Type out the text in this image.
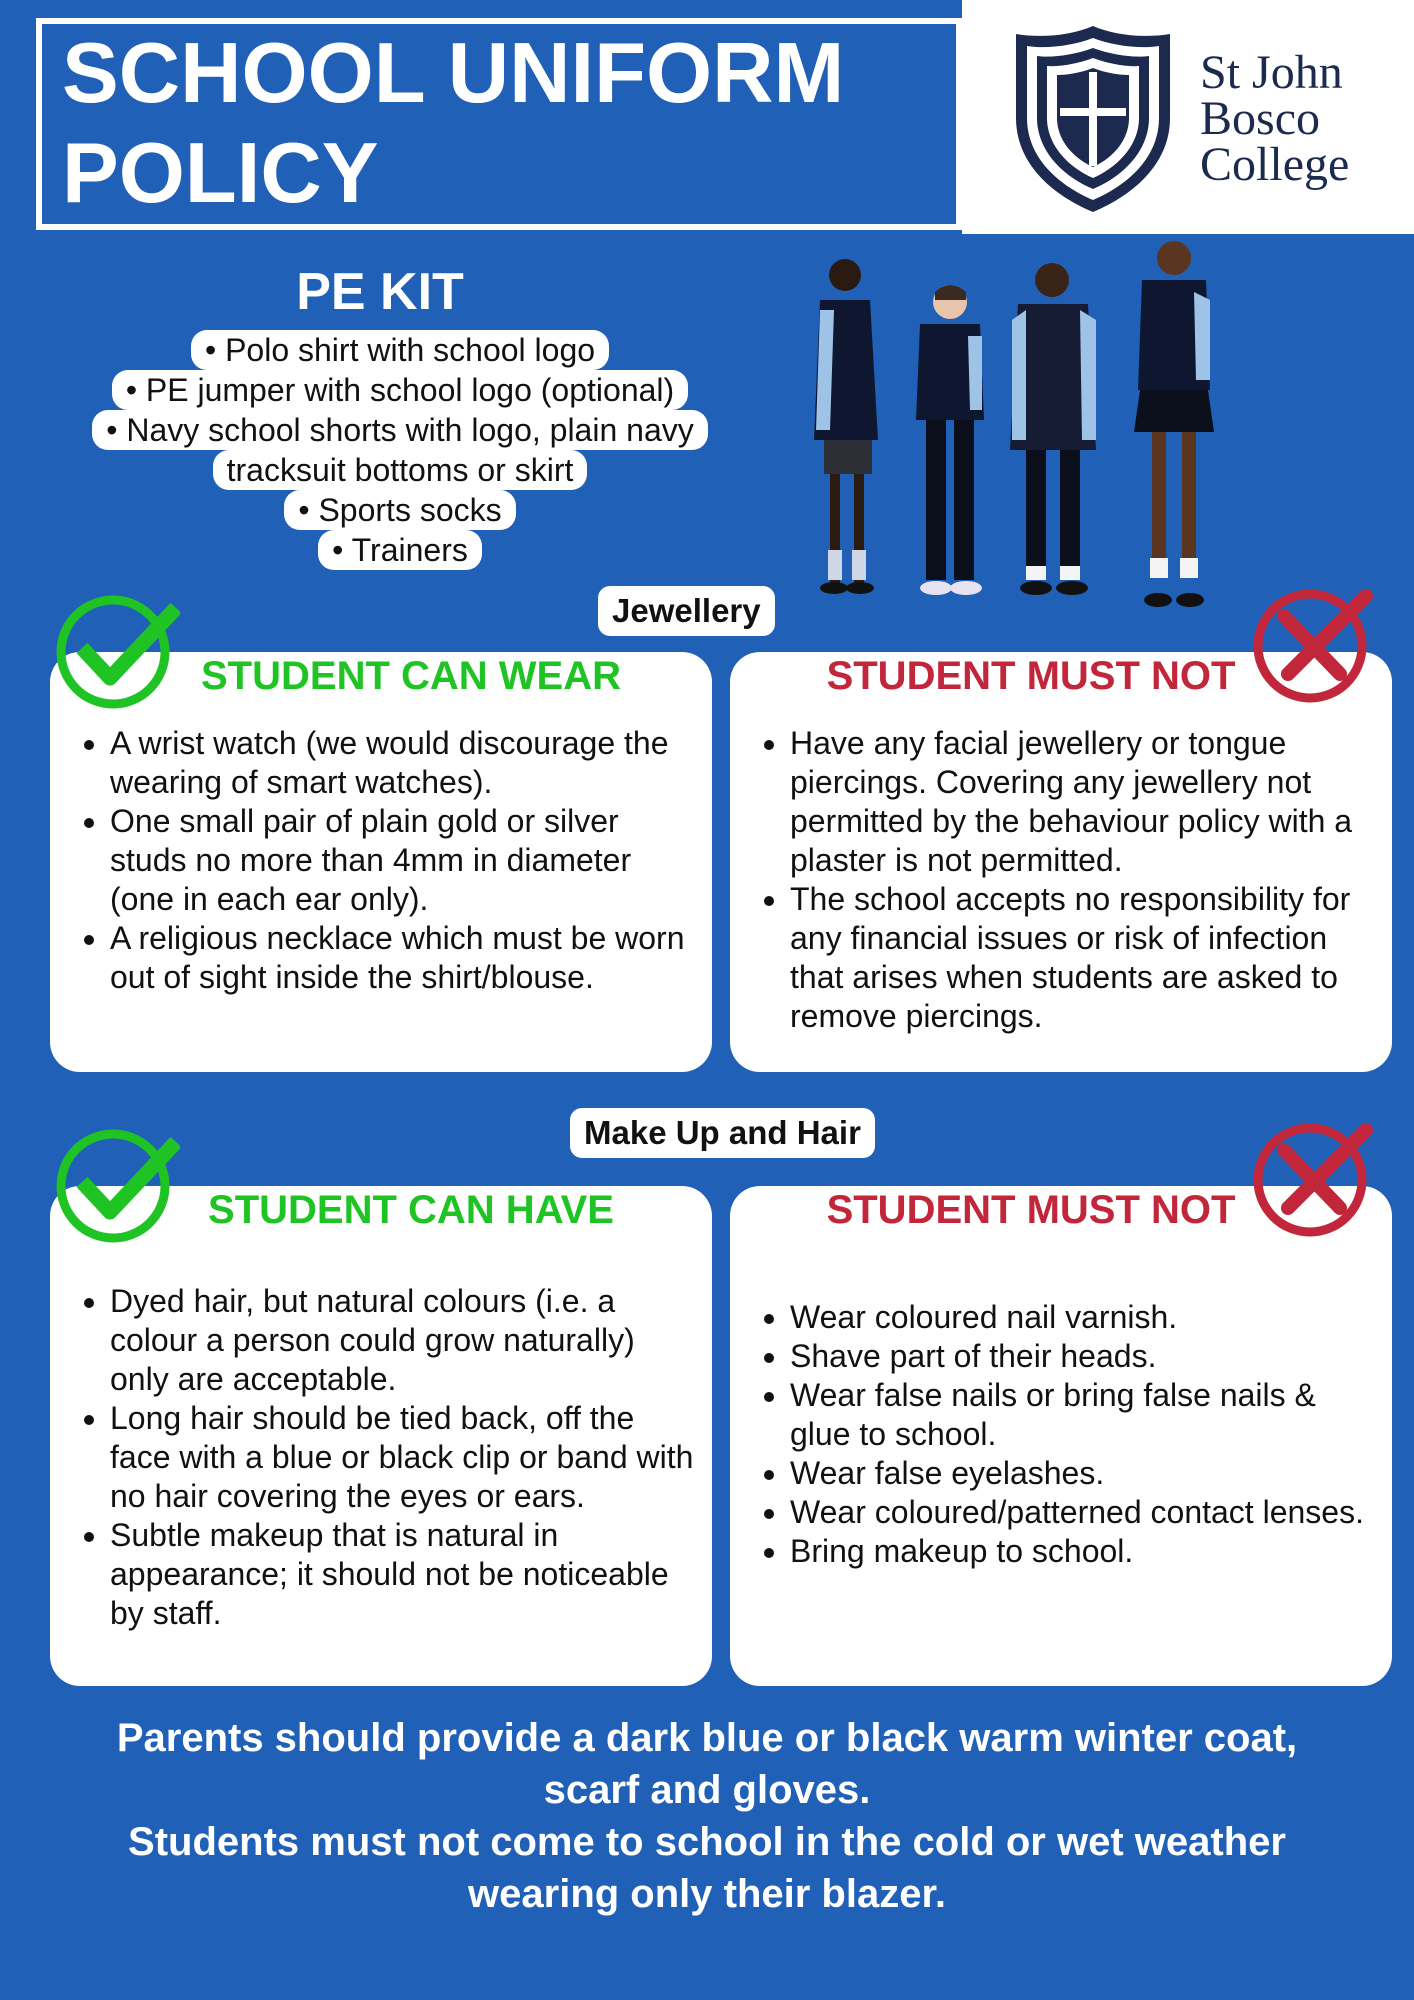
SCHOOL UNIFORM
POLICY
St John
Bosco
College
PE KIT
• Polo shirt with school logo
• PE jumper with school logo (optional)
• Navy school shorts with logo, plain navy
tracksuit bottoms or skirt
• Sports socks
• Trainers
Jewellery
STUDENT CAN WEAR
• A wrist watch (we would discourage the wearing of smart watches).
• One small pair of plain gold or silver studs no more than 4mm in diameter (one in each ear only).
• A religious necklace which must be worn out of sight inside the shirt/blouse.
STUDENT MUST NOT
• Have any facial jewellery or tongue piercings. Covering any jewellery not permitted by the behaviour policy with a plaster is not permitted.
• The school accepts no responsibility for any financial issues or risk of infection that arises when students are asked to remove piercings.
Make Up and Hair
STUDENT CAN HAVE
• Dyed hair, but natural colours (i.e. a colour a person could grow naturally) only are acceptable.
• Long hair should be tied back, off the face with a blue or black clip or band with no hair covering the eyes or ears.
• Subtle makeup that is natural in appearance; it should not be noticeable by staff.
STUDENT MUST NOT
• Wear coloured nail varnish.
• Shave part of their heads.
• Wear false nails or bring false nails & glue to school.
• Wear false eyelashes.
• Wear coloured/patterned contact lenses.
• Bring makeup to school.
Parents should provide a dark blue or black warm winter coat,
scarf and gloves.
Students must not come to school in the cold or wet weather
wearing only their blazer.
